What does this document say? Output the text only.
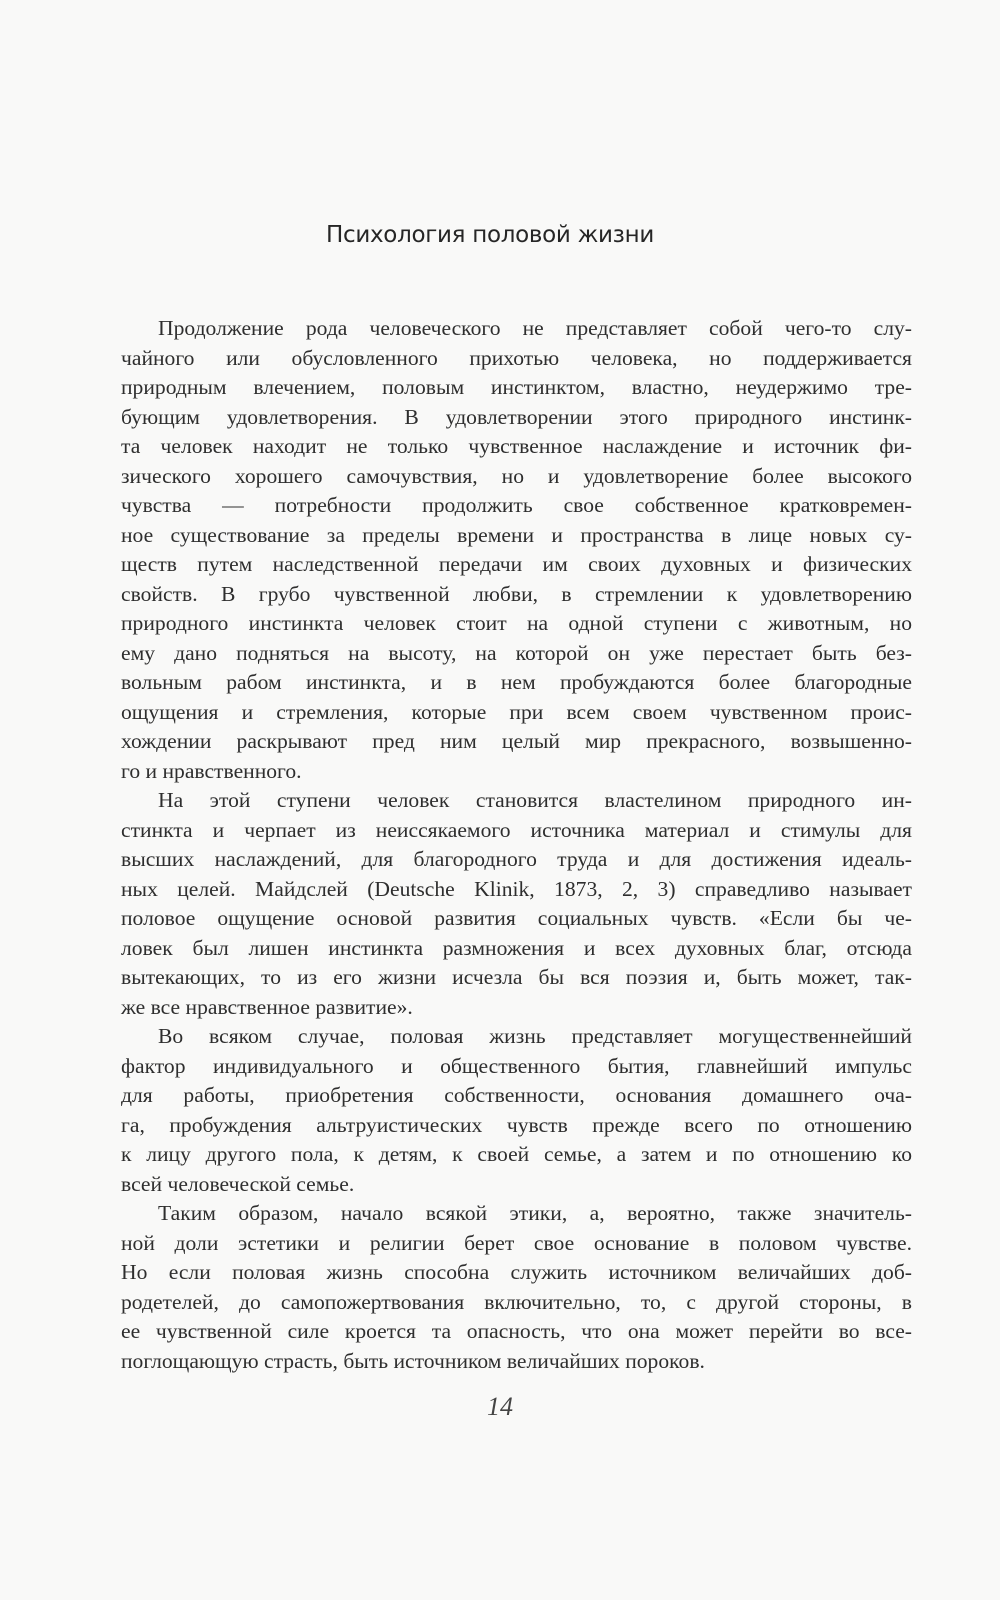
Психология половой жизни
Продолжение рода человеческого не представляет собой чего-то слу-
чайного или обусловленного прихотью человека, но поддерживается
природным влечением, половым инстинктом, властно, неудержимо тре-
бующим удовлетворения. В удовлетворении этого природного инстинк-
та человек находит не только чувственное наслаждение и источник фи-
зического хорошего самочувствия, но и удовлетворение более высокого
чувства — потребности продолжить свое собственное кратковремен-
ное существование за пределы времени и пространства в лице новых су-
ществ путем наследственной передачи им своих духовных и физических
свойств. В грубо чувственной любви, в стремлении к удовлетворению
природного инстинкта человек стоит на одной ступени с животным, но
ему дано подняться на высоту, на которой он уже перестает быть без-
вольным рабом инстинкта, и в нем пробуждаются более благородные
ощущения и стремления, которые при всем своем чувственном проис-
хождении раскрывают пред ним целый мир прекрасного, возвышенно-
го и нравственного.
На этой ступени человек становится властелином природного ин-
стинкта и черпает из неиссякаемого источника материал и стимулы для
высших наслаждений, для благородного труда и для достижения идеаль-
ных целей. Майдслей (Deutsche Klinik, 1873, 2, 3) справедливо называет
половое ощущение основой развития социальных чувств. «Если бы че-
ловек был лишен инстинкта размножения и всех духовных благ, отсюда
вытекающих, то из его жизни исчезла бы вся поэзия и, быть может, так-
же все нравственное развитие».
Во всяком случае, половая жизнь представляет могущественнейший
фактор индивидуального и общественного бытия, главнейший импульс
для работы, приобретения собственности, основания домашнего оча-
га, пробуждения альтруистических чувств прежде всего по отношению
к лицу другого пола, к детям, к своей семье, а затем и по отношению ко
всей человеческой семье.
Таким образом, начало всякой этики, а, вероятно, также значитель-
ной доли эстетики и религии берет свое основание в половом чувстве.
Но если половая жизнь способна служить источником величайших доб-
родетелей, до самопожертвования включительно, то, с другой стороны, в
ее чувственной силе кроется та опасность, что она может перейти во все-
поглощающую страсть, быть источником величайших пороков.
14
